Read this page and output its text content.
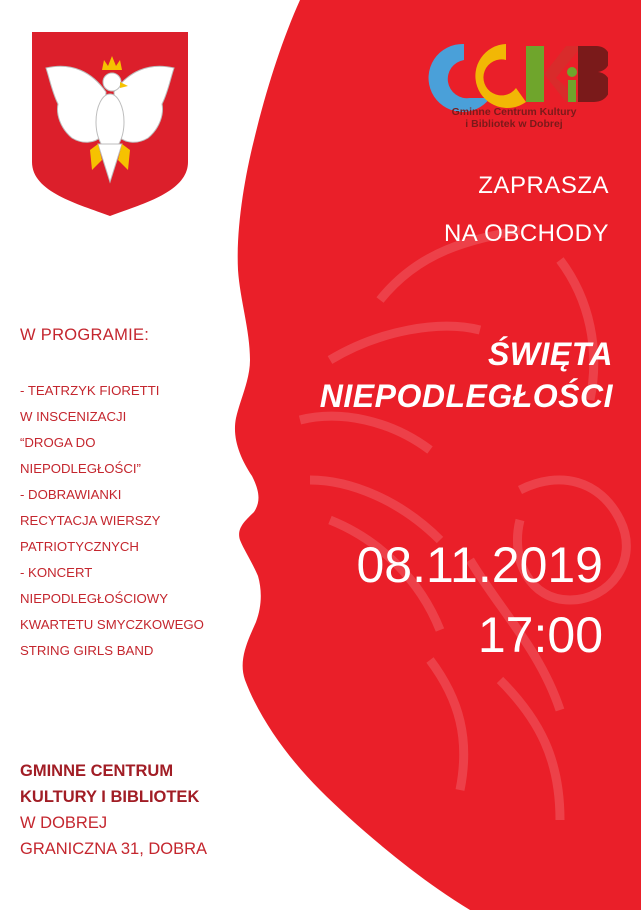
Gminne Centrum Kultury
i Bibliotek w Dobrej
ZAPRASZA
NA OBCHODY
ŚWIĘTA
NIEPODLEGŁOŚCI
08.11.2019
17:00
W PROGRAMIE:
- TEATRZYK FIORETTI
W INSCENIZACJI
“DROGA DO
NIEPODLEGŁOŚCI”
- DOBRAWIANKI
RECYTACJA WIERSZY
PATRIOTYCZNYCH
- KONCERT
NIEPODLEGŁOŚCIOWY
KWARTETU SMYCZKOWEGO
STRING GIRLS BAND
GMINNE CENTRUM
KULTURY I BIBLIOTEK
W DOBREJ
GRANICZNA 31, DOBRA
